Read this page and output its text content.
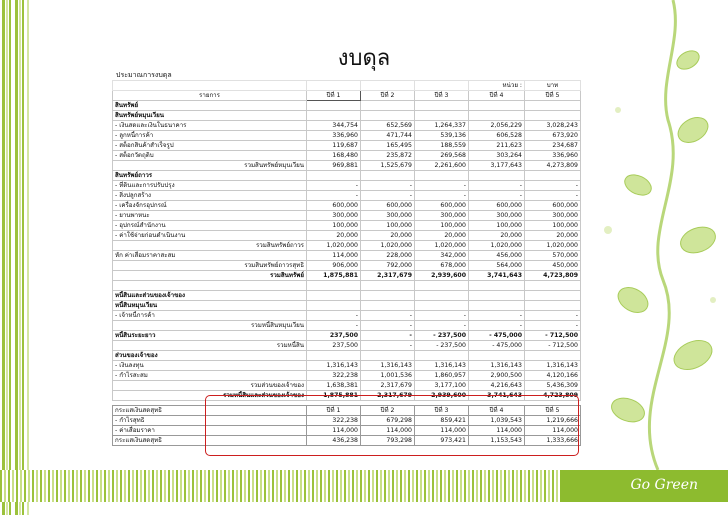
งบดุล
ประมาณการงบดุล
				หน่วย :	บาท
รายการ	ปีที่ 1	ปีที่ 2	ปีที่ 3	ปีที่ 4	ปีที่ 5
สินทรัพย์					
สินทรัพย์หมุนเวียน					
- เงินสดและเงินในธนาคาร	344,754	652,569	1,264,337	2,056,229	3,028,243
- ลูกหนี้การค้า	336,960	471,744	539,136	606,528	673,920
- สต็อกสินค้าสำเร็จรูป	119,687	165,495	188,559	211,623	234,687
- สต็อกวัตถุดิบ	168,480	235,872	269,568	303,264	336,960
รวมสินทรัพย์หมุนเวียน	969,881	1,525,679	2,261,600	3,177,643	4,273,809
สินทรัพย์ถาวร					
- ที่ดินและการปรับปรุง	-	-	-	-	-
- สิ่งปลูกสร้าง	-	-	-	-	-
- เครื่องจักรอุปกรณ์	600,000	600,000	600,000	600,000	600,000
- ยานพาหนะ	300,000	300,000	300,000	300,000	300,000
- อุปกรณ์สำนักงาน	100,000	100,000	100,000	100,000	100,000
- ค่าใช้จ่ายก่อนดำเนินงาน	20,000	20,000	20,000	20,000	20,000
รวมสินทรัพย์ถาวร	1,020,000	1,020,000	1,020,000	1,020,000	1,020,000
หัก ค่าเสื่อมราคาสะสม	114,000	228,000	342,000	456,000	570,000
รวมสินทรัพย์ถาวรสุทธิ	906,000	792,000	678,000	564,000	450,000
รวมสินทรัพย์	1,875,881	2,317,679	2,939,600	3,741,643	4,723,809

หนี้สินและส่วนของเจ้าของ					
หนี้สินหมุนเวียน					
- เจ้าหนี้การค้า	-	-	-	-	-
รวมหนี้สินหมุนเวียน	-	-	-	-	-
หนี้สินระยะยาว	237,500	-	- 237,500	- 475,000	- 712,500
รวมหนี้สิน	237,500	-	- 237,500	- 475,000	- 712,500
ส่วนของเจ้าของ					
- เงินลงทุน	1,316,143	1,316,143	1,316,143	1,316,143	1,316,143
- กำไรสะสม	322,238	1,001,536	1,860,957	2,900,500	4,120,166
รวมส่วนของเจ้าของ	1,638,381	2,317,679	3,177,100	4,216,643	5,436,309
รวมหนี้สินและส่วนของเจ้าของ	1,875,881	2,317,679	2,939,600	3,741,643	4,723,809
กระแสเงินสดสุทธิ	ปีที่ 1	ปีที่ 2	ปีที่ 3	ปีที่ 4	ปีที่ 5
- กำไรสุทธิ	322,238	679,298	859,421	1,039,543	1,219,666
- ค่าเสื่อมราคา	114,000	114,000	114,000	114,000	114,000
กระแสเงินสดสุทธิ	436,238	793,298	973,421	1,153,543	1,333,666
Go Green
